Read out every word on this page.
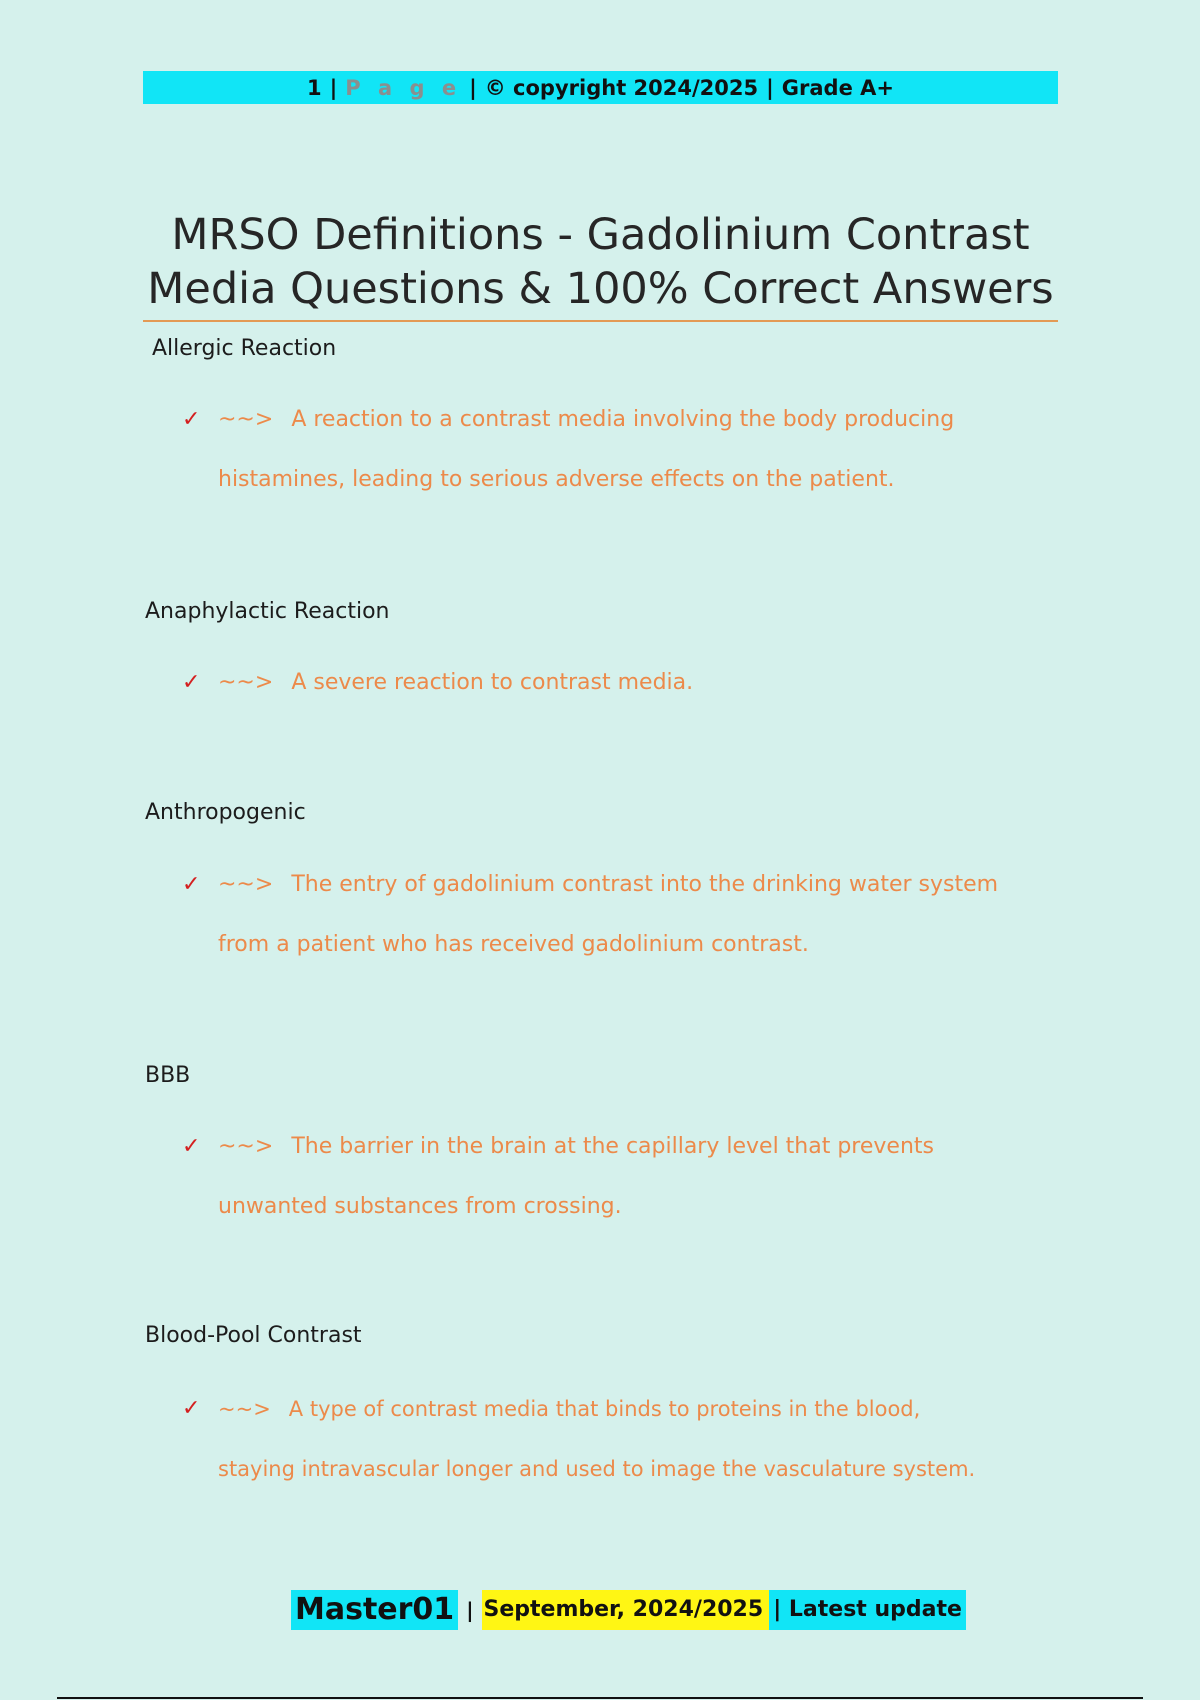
1 | P a g e | © copyright 2024/2025 | Grade A+
MRSO Definitions - Gadolinium Contrast
Media Questions & 100% Correct Answers
Allergic Reaction
✓ ~~> A reaction to a contrast media involving the body producing
histamines, leading to serious adverse effects on the patient.
Anaphylactic Reaction
✓ ~~> A severe reaction to contrast media.
Anthropogenic
✓ ~~> The entry of gadolinium contrast into the drinking water system
from a patient who has received gadolinium contrast.
BBB
✓ ~~> The barrier in the brain at the capillary level that prevents
unwanted substances from crossing.
Blood-Pool Contrast
✓ ~~> A type of contrast media that binds to proteins in the blood,
staying intravascular longer and used to image the vasculature system.
Master01 | September, 2024/2025 | Latest update
